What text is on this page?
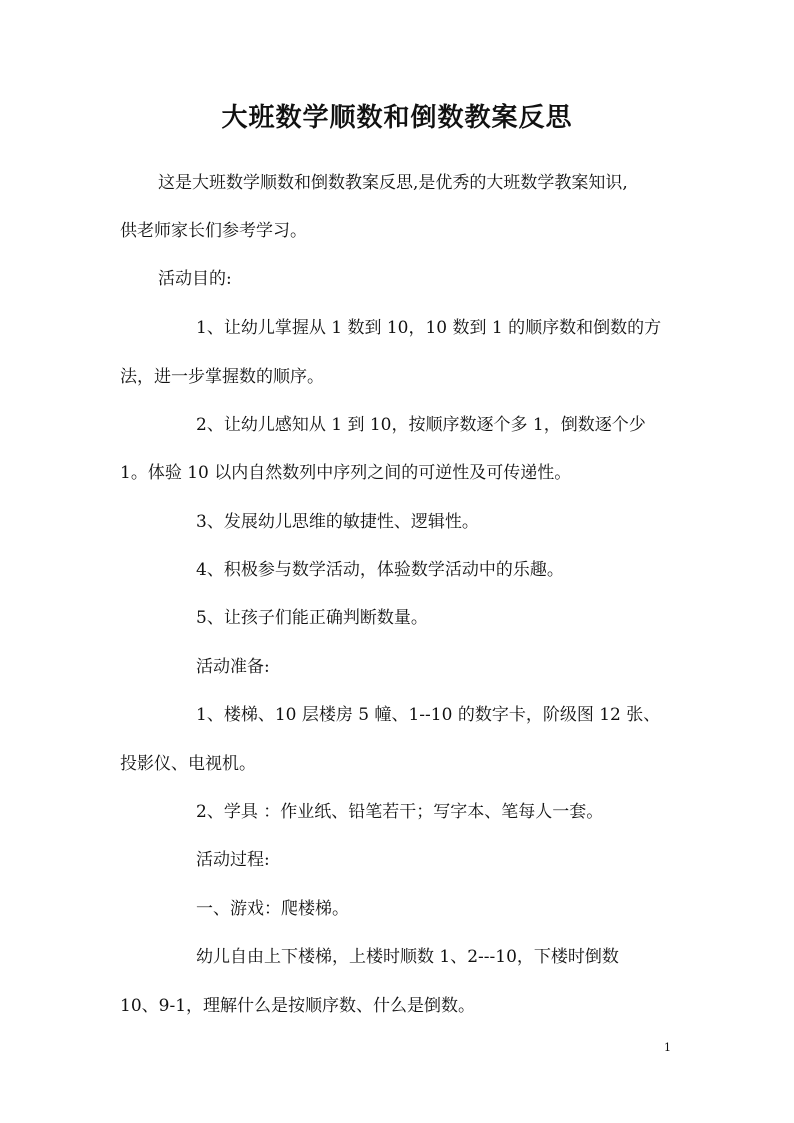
大班数学顺数和倒数教案反思
这是大班数学顺数和倒数教案反思,是优秀的大班数学教案知识,
供老师家长们参考学习。
活动目的:
1、让幼儿掌握从 1 数到 10，10 数到 1 的顺序数和倒数的方
法，进一步掌握数的顺序。
2、让幼儿感知从 1 到 10，按顺序数逐个多 1，倒数逐个少
1。体验 10 以内自然数列中序列之间的可逆性及可传递性。
3、发展幼儿思维的敏捷性、逻辑性。
4、积极参与数学活动，体验数学活动中的乐趣。
5、让孩子们能正确判断数量。
活动准备:
1、楼梯、10 层楼房 5 幢、1--10 的数字卡，阶级图 12 张、
投影仪、电视机。
2、学具 ：作业纸、铅笔若干；写字本、笔每人一套。
活动过程:
一、游戏：爬楼梯。
幼儿自由上下楼梯，上楼时顺数 1、2---10，下楼时倒数
10、9-1，理解什么是按顺序数、什么是倒数。
1
